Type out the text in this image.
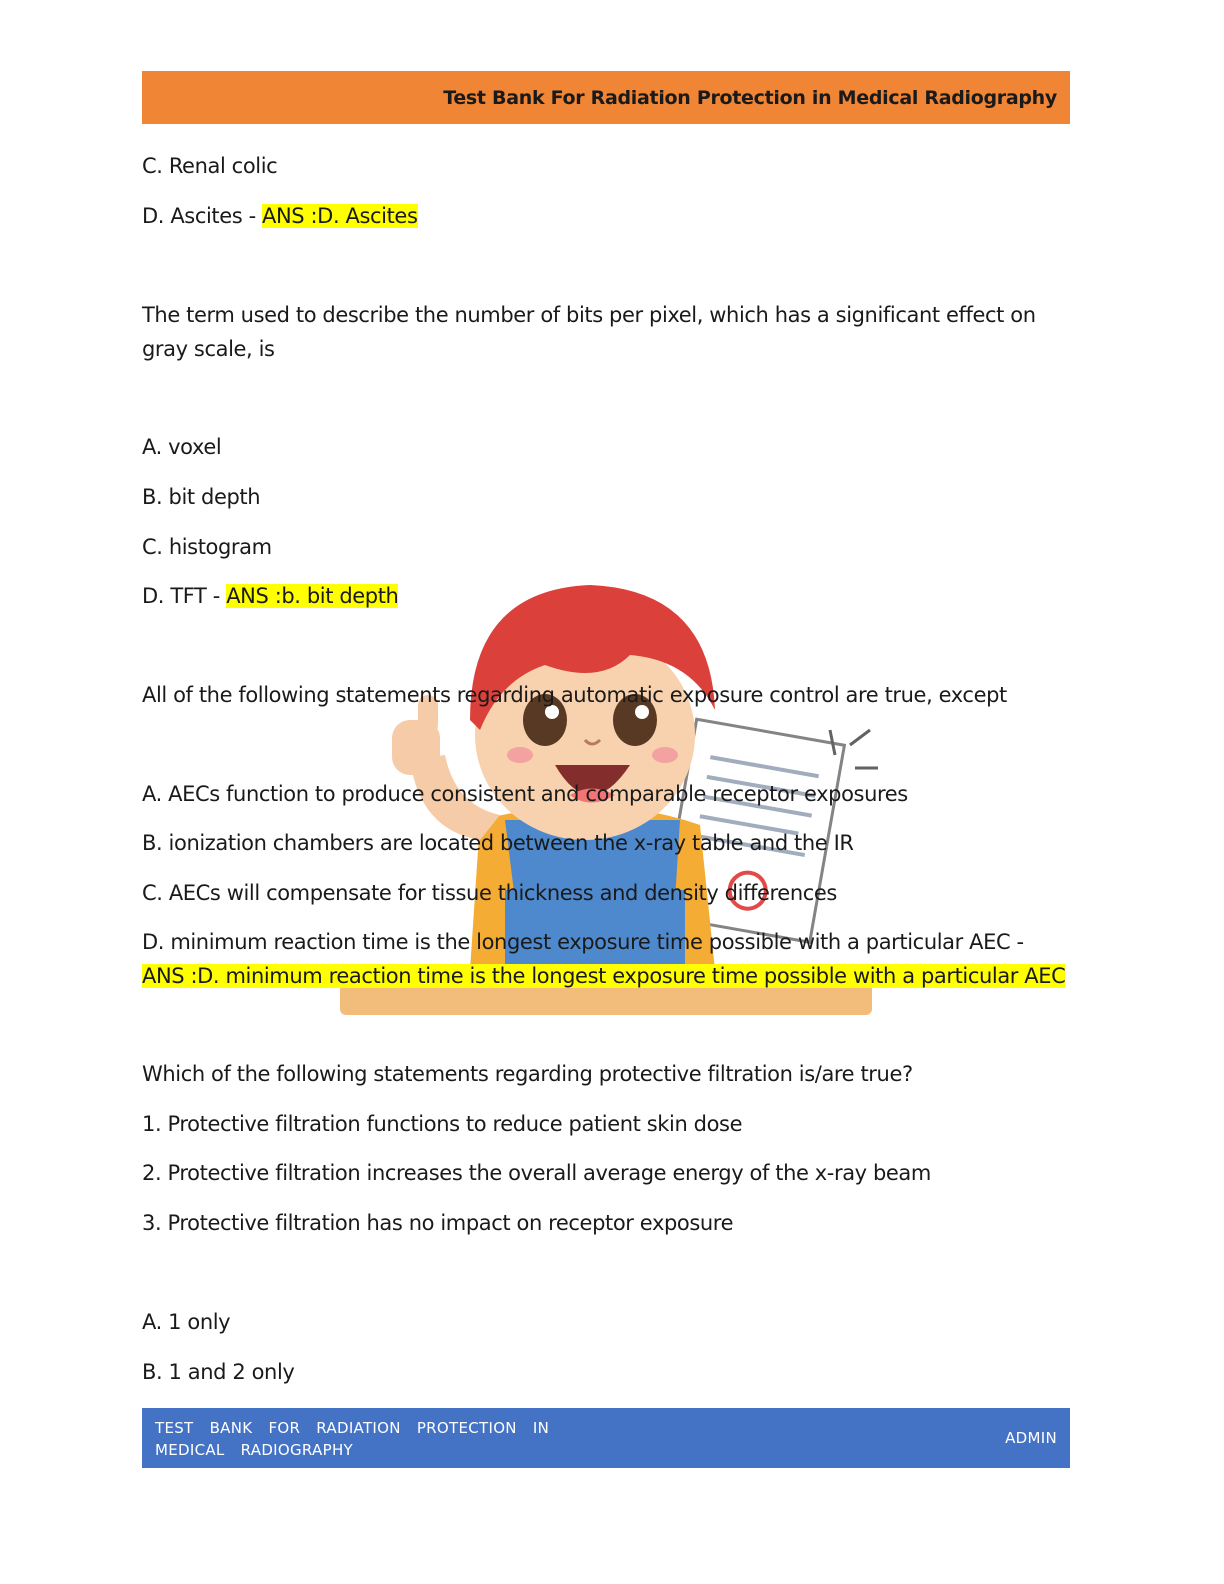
Test Bank For Radiation Protection in Medical Radiography
C. Renal colic
D. Ascites - ANS :D. Ascites
The term used to describe the number of bits per pixel, which has a significant effect on gray scale, is
A. voxel
B. bit depth
C. histogram
D. TFT - ANS :b. bit depth
All of the following statements regarding automatic exposure control are true, except
A. AECs function to produce consistent and comparable receptor exposures
B. ionization chambers are located between the x-ray table and the IR
C. AECs will compensate for tissue thickness and density differences
D. minimum reaction time is the longest exposure time possible with a particular AEC - ANS :D. minimum reaction time is the longest exposure time possible with a particular AEC
Which of the following statements regarding protective filtration is/are true?
1. Protective filtration functions to reduce patient skin dose
2. Protective filtration increases the overall average energy of the x-ray beam
3. Protective filtration has no impact on receptor exposure
A. 1 only
B. 1 and 2 only
TEST BANK FOR RADIATION PROTECTION IN MEDICAL RADIOGRAPHY
ADMIN
